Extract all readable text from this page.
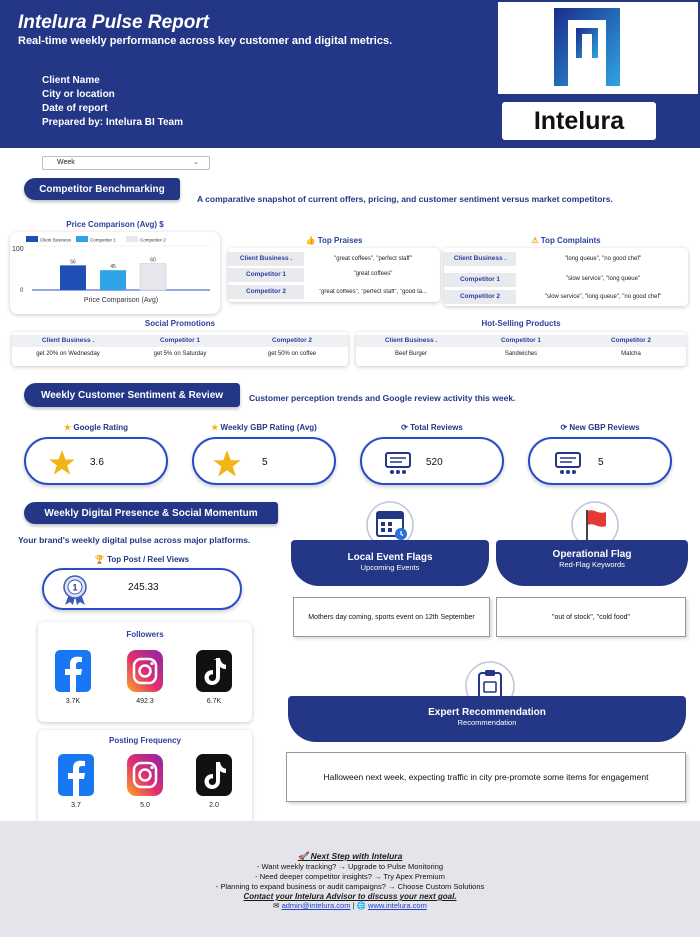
Intelura Pulse Report
Real-time weekly performance across key customer and digital metrics.
Client Name
City or location
Date of report
Prepared by: Intelura BI Team	Intelura
Week	⌄
Competitor Benchmarking
A comparative snapshot of current offers, pricing, and customer sentiment versus market competitors.
Price Comparison (Avg) $
Client Business	Competitor 1	Competitor 2
100
0
56
45
60
Price Comparison (Avg)
👍 Top Praises
Client Business .	"great coffees", "perfect staff"
Competitor 1	"great coffees"
Competitor 2	"great coffees", "perfect staff", "good ta...
⚠ Top Complaints
Client Business .	"long queue", "no good chef"
Competitor 1	"slow service", "long queue"
Competitor 2	"slow service", "long queue", "no good chef"
Social Promotions
Client Business .	Competitor 1	Competitor 2
get 20% on Wednesday	get 5% on Saturday	get 50% on coffee
Hot-Selling Products
Client Business .	Competitor 1	Competitor 2
Beef Burger	Sandwiches	Matcha
Weekly Customer Sentiment & Review	Customer perception trends and Google review activity this week.
★ Google Rating
3.6
★ Weekly GBP Rating (Avg)
5
⟳ Total Reviews
520
⟳ New GBP Reviews
5
Weekly Digital Presence & Social Momentum
Your brand's weekly digital pulse across major platforms.
🏆 Top Post / Reel Views
1	245.33
Followers
3.7K	492.3	6.7K
Posting Frequency
3.7	5.0	2.0
Local Event Flags
Upcoming Events
Mothers day coming, sports event on 12th September
Operational Flag
Red-Flag Keywords
"out of stock", "cold food"
Expert Recommendation
Recommendation
Halloween next week, expecting traffic in city pre-promote some items for engagement
🚀 Next Step with Intelura
- Want weekly tracking? → Upgrade to Pulse Monitoring
- Need deeper competitor insights? → Try Apex Premium
- Planning to expand business or audit campaigns? → Choose Custom Solutions
Contact your Intelura Advisor to discuss your next goal.
✉ admin@intelura.com | 🌐 www.intelura.com
